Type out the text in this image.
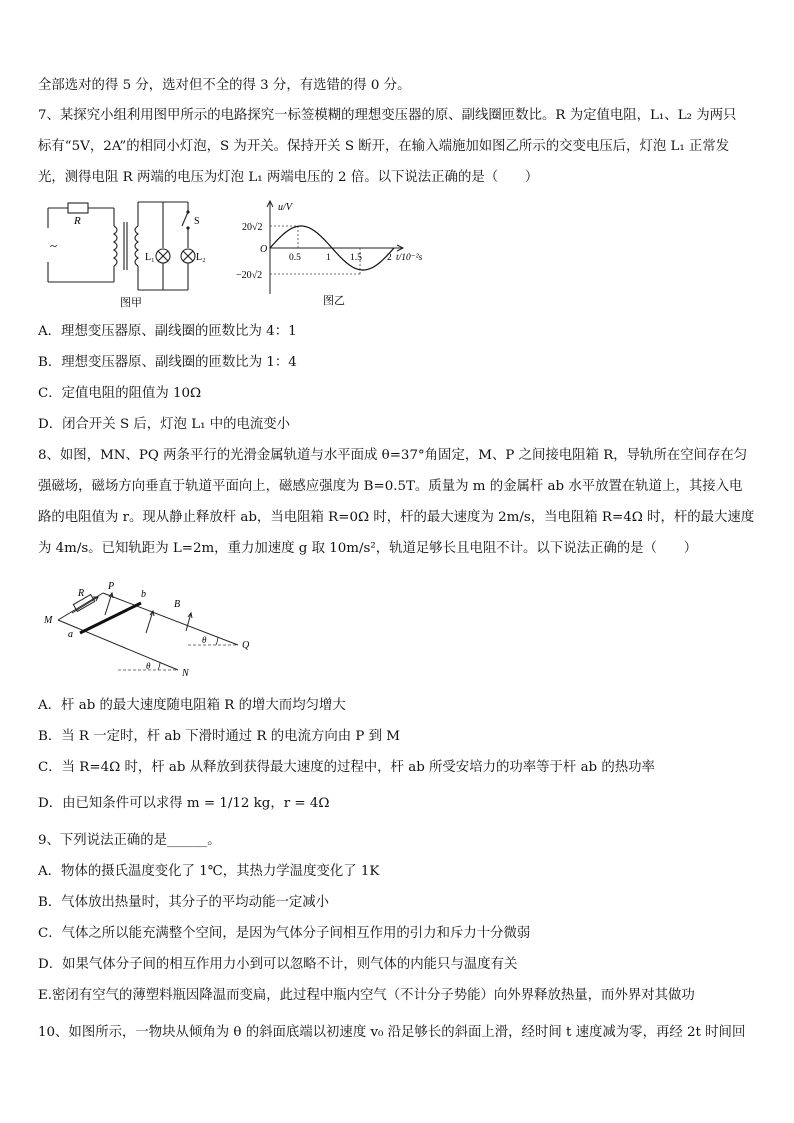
全部选对的得 5 分，选对但不全的得 3 分，有选错的得 0 分。
7、某探究小组利用图甲所示的电路探究一标签模糊的理想变压器的原、副线圈匝数比。R 为定值电阻，L₁、L₂ 为两只
标有“5V，2A”的相同小灯泡，S 为开关。保持开关 S 断开，在输入端施加如图乙所示的交变电压后，灯泡 L₁ 正常发
光，测得电阻 R 两端的电压为灯泡 L₁ 两端电压的 2 倍。以下说法正确的是（　　）
R
~
L₁	L₂
S
图甲
u/V
20√2
−20√2
O
0.5	1 1.5	2 t/10⁻²s
图乙
A．理想变压器原、副线圈的匝数比为 4：1
B．理想变压器原、副线圈的匝数比为 1：4
C．定值电阻的阻值为 10Ω
D．闭合开关 S 后，灯泡 L₁ 中的电流变小
8、如图，MN、PQ 两条平行的光滑金属轨道与水平面成 θ=37°角固定，M、P 之间接电阻箱 R，导轨所在空间存在匀
强磁场，磁场方向垂直于轨道平面向上，磁感应强度为 B=0.5T。质量为 m 的金属杆 ab 水平放置在轨道上，其接入电
路的电阻值为 r。现从静止释放杆 ab，当电阻箱 R=0Ω 时，杆的最大速度为 2m/s，当电阻箱 R=4Ω 时，杆的最大速度
为 4m/s。已知轨距为 L=2m，重力加速度 g 取 10m/s²，轨道足够长且电阻不计。以下说法正确的是（　　）
R
P
b
B
M
a
Q
N
θ
θ
A．杆 ab 的最大速度随电阻箱 R 的增大而均匀增大
B．当 R 一定时，杆 ab 下滑时通过 R 的电流方向由 P 到 M
C．当 R=4Ω 时，杆 ab 从释放到获得最大速度的过程中，杆 ab 所受安培力的功率等于杆 ab 的热功率
D．由已知条件可以求得 m = 1/12 kg，r = 4Ω
9、下列说法正确的是______。
A．物体的摄氏温度变化了 1℃，其热力学温度变化了 1K
B．气体放出热量时，其分子的平均动能一定减小
C．气体之所以能充满整个空间，是因为气体分子间相互作用的引力和斥力十分微弱
D．如果气体分子间的相互作用力小到可以忽略不计，则气体的内能只与温度有关
E.密闭有空气的薄塑料瓶因降温而变扁，此过程中瓶内空气（不计分子势能）向外界释放热量，而外界对其做功
10、如图所示，一物块从倾角为 θ 的斜面底端以初速度 v₀ 沿足够长的斜面上滑，经时间 t 速度减为零，再经 2t 时间回
